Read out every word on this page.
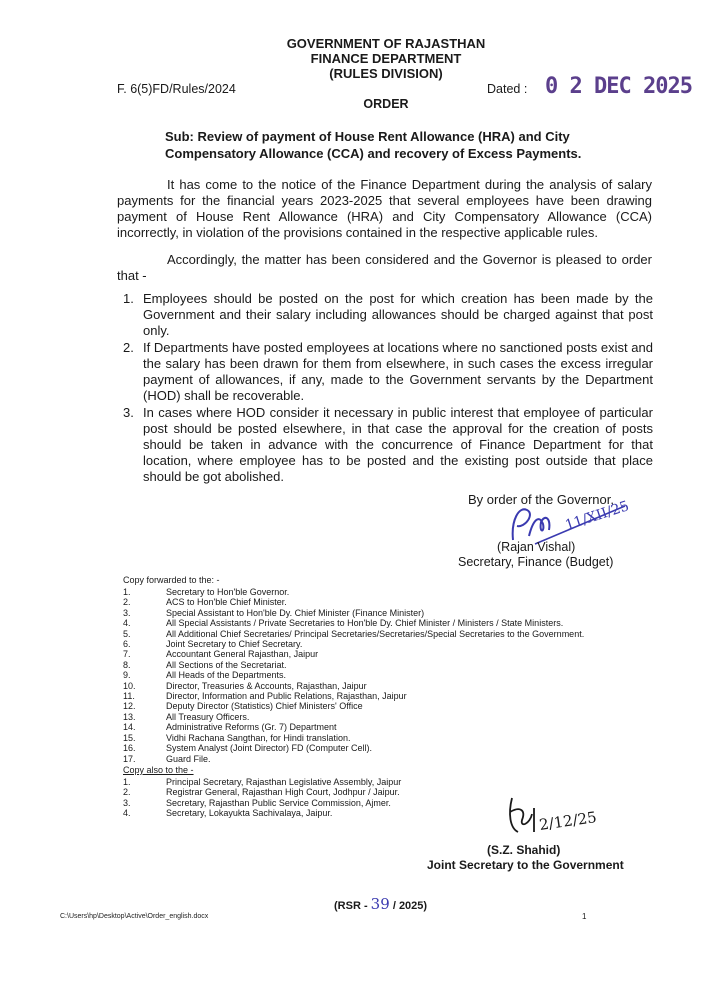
GOVERNMENT OF RAJASTHAN
FINANCE DEPARTMENT
(RULES DIVISION)
F. 6(5)FD/Rules/2024	Dated : 0 2 DEC 2025
ORDER
Sub: Review of payment of House Rent Allowance (HRA) and City Compensatory Allowance (CCA) and recovery of Excess Payments.
It has come to the notice of the Finance Department during the analysis of salary payments for the financial years 2023-2025 that several employees have been drawing payment of House Rent Allowance (HRA) and City Compensatory Allowance (CCA) incorrectly, in violation of the provisions contained in the respective applicable rules.
Accordingly, the matter has been considered and the Governor is pleased to order that -
1. Employees should be posted on the post for which creation has been made by the Government and their salary including allowances should be charged against that post only.
2. If Departments have posted employees at locations where no sanctioned posts exist and the salary has been drawn for them from elsewhere, in such cases the excess irregular payment of allowances, if any, made to the Government servants by the Department (HOD) shall be recoverable.
3. In cases where HOD consider it necessary in public interest that employee of particular post should be posted elsewhere, in that case the approval for the creation of posts should be taken in advance with the concurrence of Finance Department for that location, where employee has to be posted and the existing post outside that place should be got abolished.
By order of the Governor,
11/XII/25
(Rajan Vishal)
Secretary, Finance (Budget)
Copy forwarded to the: -
1.	Secretary to Hon'ble Governor.
2.	ACS to Hon'ble Chief Minister.
3.	Special Assistant to Hon'ble Dy. Chief Minister (Finance Minister)
4.	All Special Assistants / Private Secretaries to Hon'ble Dy. Chief Minister / Ministers / State Ministers.
5.	All Additional Chief Secretaries/ Principal Secretaries/Secretaries/Special Secretaries to the Government.
6.	Joint Secretary to Chief Secretary.
7.	Accountant General Rajasthan, Jaipur
8.	All Sections of the Secretariat.
9.	All Heads of the Departments.
10.	Director, Treasuries & Accounts, Rajasthan, Jaipur
11.	Director, Information and Public Relations, Rajasthan, Jaipur
12.	Deputy Director (Statistics) Chief Ministers' Office
13.	All Treasury Officers.
14.	Administrative Reforms (Gr. 7) Department
15.	Vidhi Rachana Sangthan, for Hindi translation.
16.	System Analyst (Joint Director) FD (Computer Cell).
17.	Guard File.
Copy also to the -
1.	Principal Secretary, Rajasthan Legislative Assembly, Jaipur
2.	Registrar General, Rajasthan High Court, Jodhpur / Jaipur.
3.	Secretary, Rajasthan Public Service Commission, Ajmer.
4.	Secretary, Lokayukta Sachivalaya, Jaipur.	2/12/25
(S.Z. Shahid)
Joint Secretary to the Government
(RSR - 39 / 2025)
C:\Users\hp\Desktop\Active\Order_english.docx	1
